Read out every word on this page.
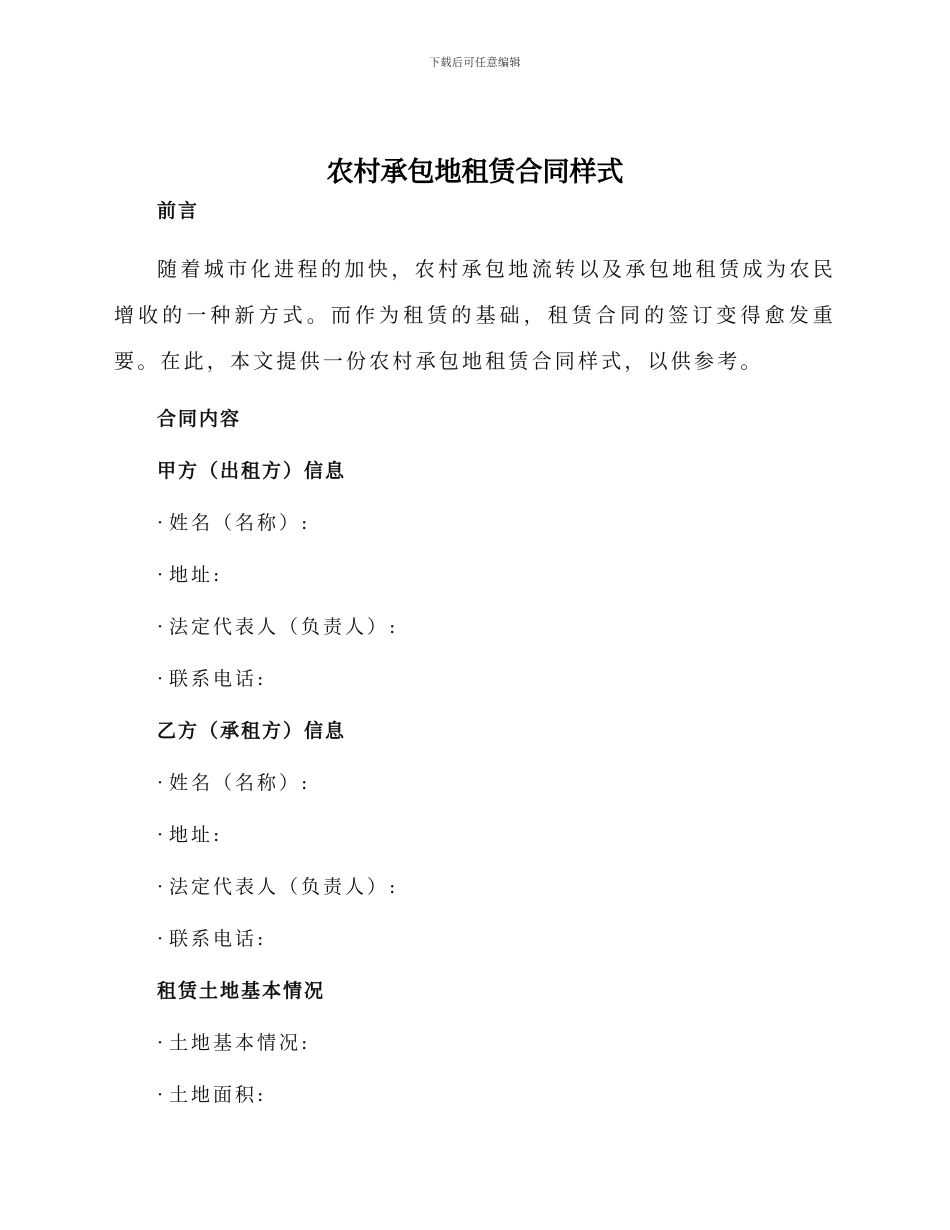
下载后可任意编辑
农村承包地租赁合同样式

前言

随着城市化进程的加快，农村承包地流转以及承包地租赁成为农民增收的一种新方式。而作为租赁的基础，租赁合同的签订变得愈发重要。在此，本文提供一份农村承包地租赁合同样式，以供参考。

合同内容

甲方（出租方）信息

· 姓名（名称）:

· 地址:

· 法定代表人（负责人）:

· 联系电话:

乙方（承租方）信息

· 姓名（名称）:

· 地址:

· 法定代表人（负责人）:

· 联系电话:

租赁土地基本情况

· 土地基本情况:

· 土地面积:
